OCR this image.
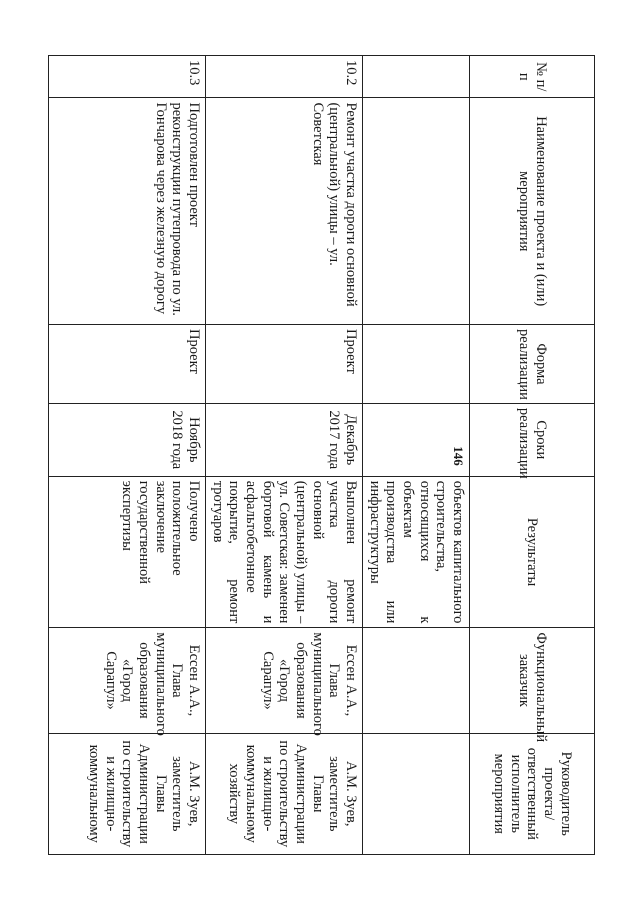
146
№ п/п	Наименование проекта и (или) мероприятия	Форма реализации	Сроки реализации	Результаты	Функциональный заказчик	Руководитель проекта/ ответственный исполнитель мероприятия
				объектов капитального строительства, относящихся к объектам производства или инфраструктуры		
10.2	Ремонт участка дороги основной (центральной) улицы – ул. Советская	Проект	Декабрь 2017 года	Выполнен ремонт участка дороги основной (центральной) улицы – ул. Советская: заменен бортовой камень и асфальтобетонное покрытие, ремонт тротуаров	Ессен А.А., Глава муниципального образования «Город Сарапул»	А.М. Зуев, заместитель Главы Администрации по строительству и жилищно-коммунальному хозяйству
10.3	Подготовлен проект реконструкции путепровода по ул. Гончарова через железную дорогу	Проект	Ноябрь 2018 года	Получено положительное заключение государственной экспертизы	Ессен А.А., Глава муниципального образования «Город Сарапул»	А.М. Зуев, заместитель Главы Администрации по строительству и жилищно-коммунальному
